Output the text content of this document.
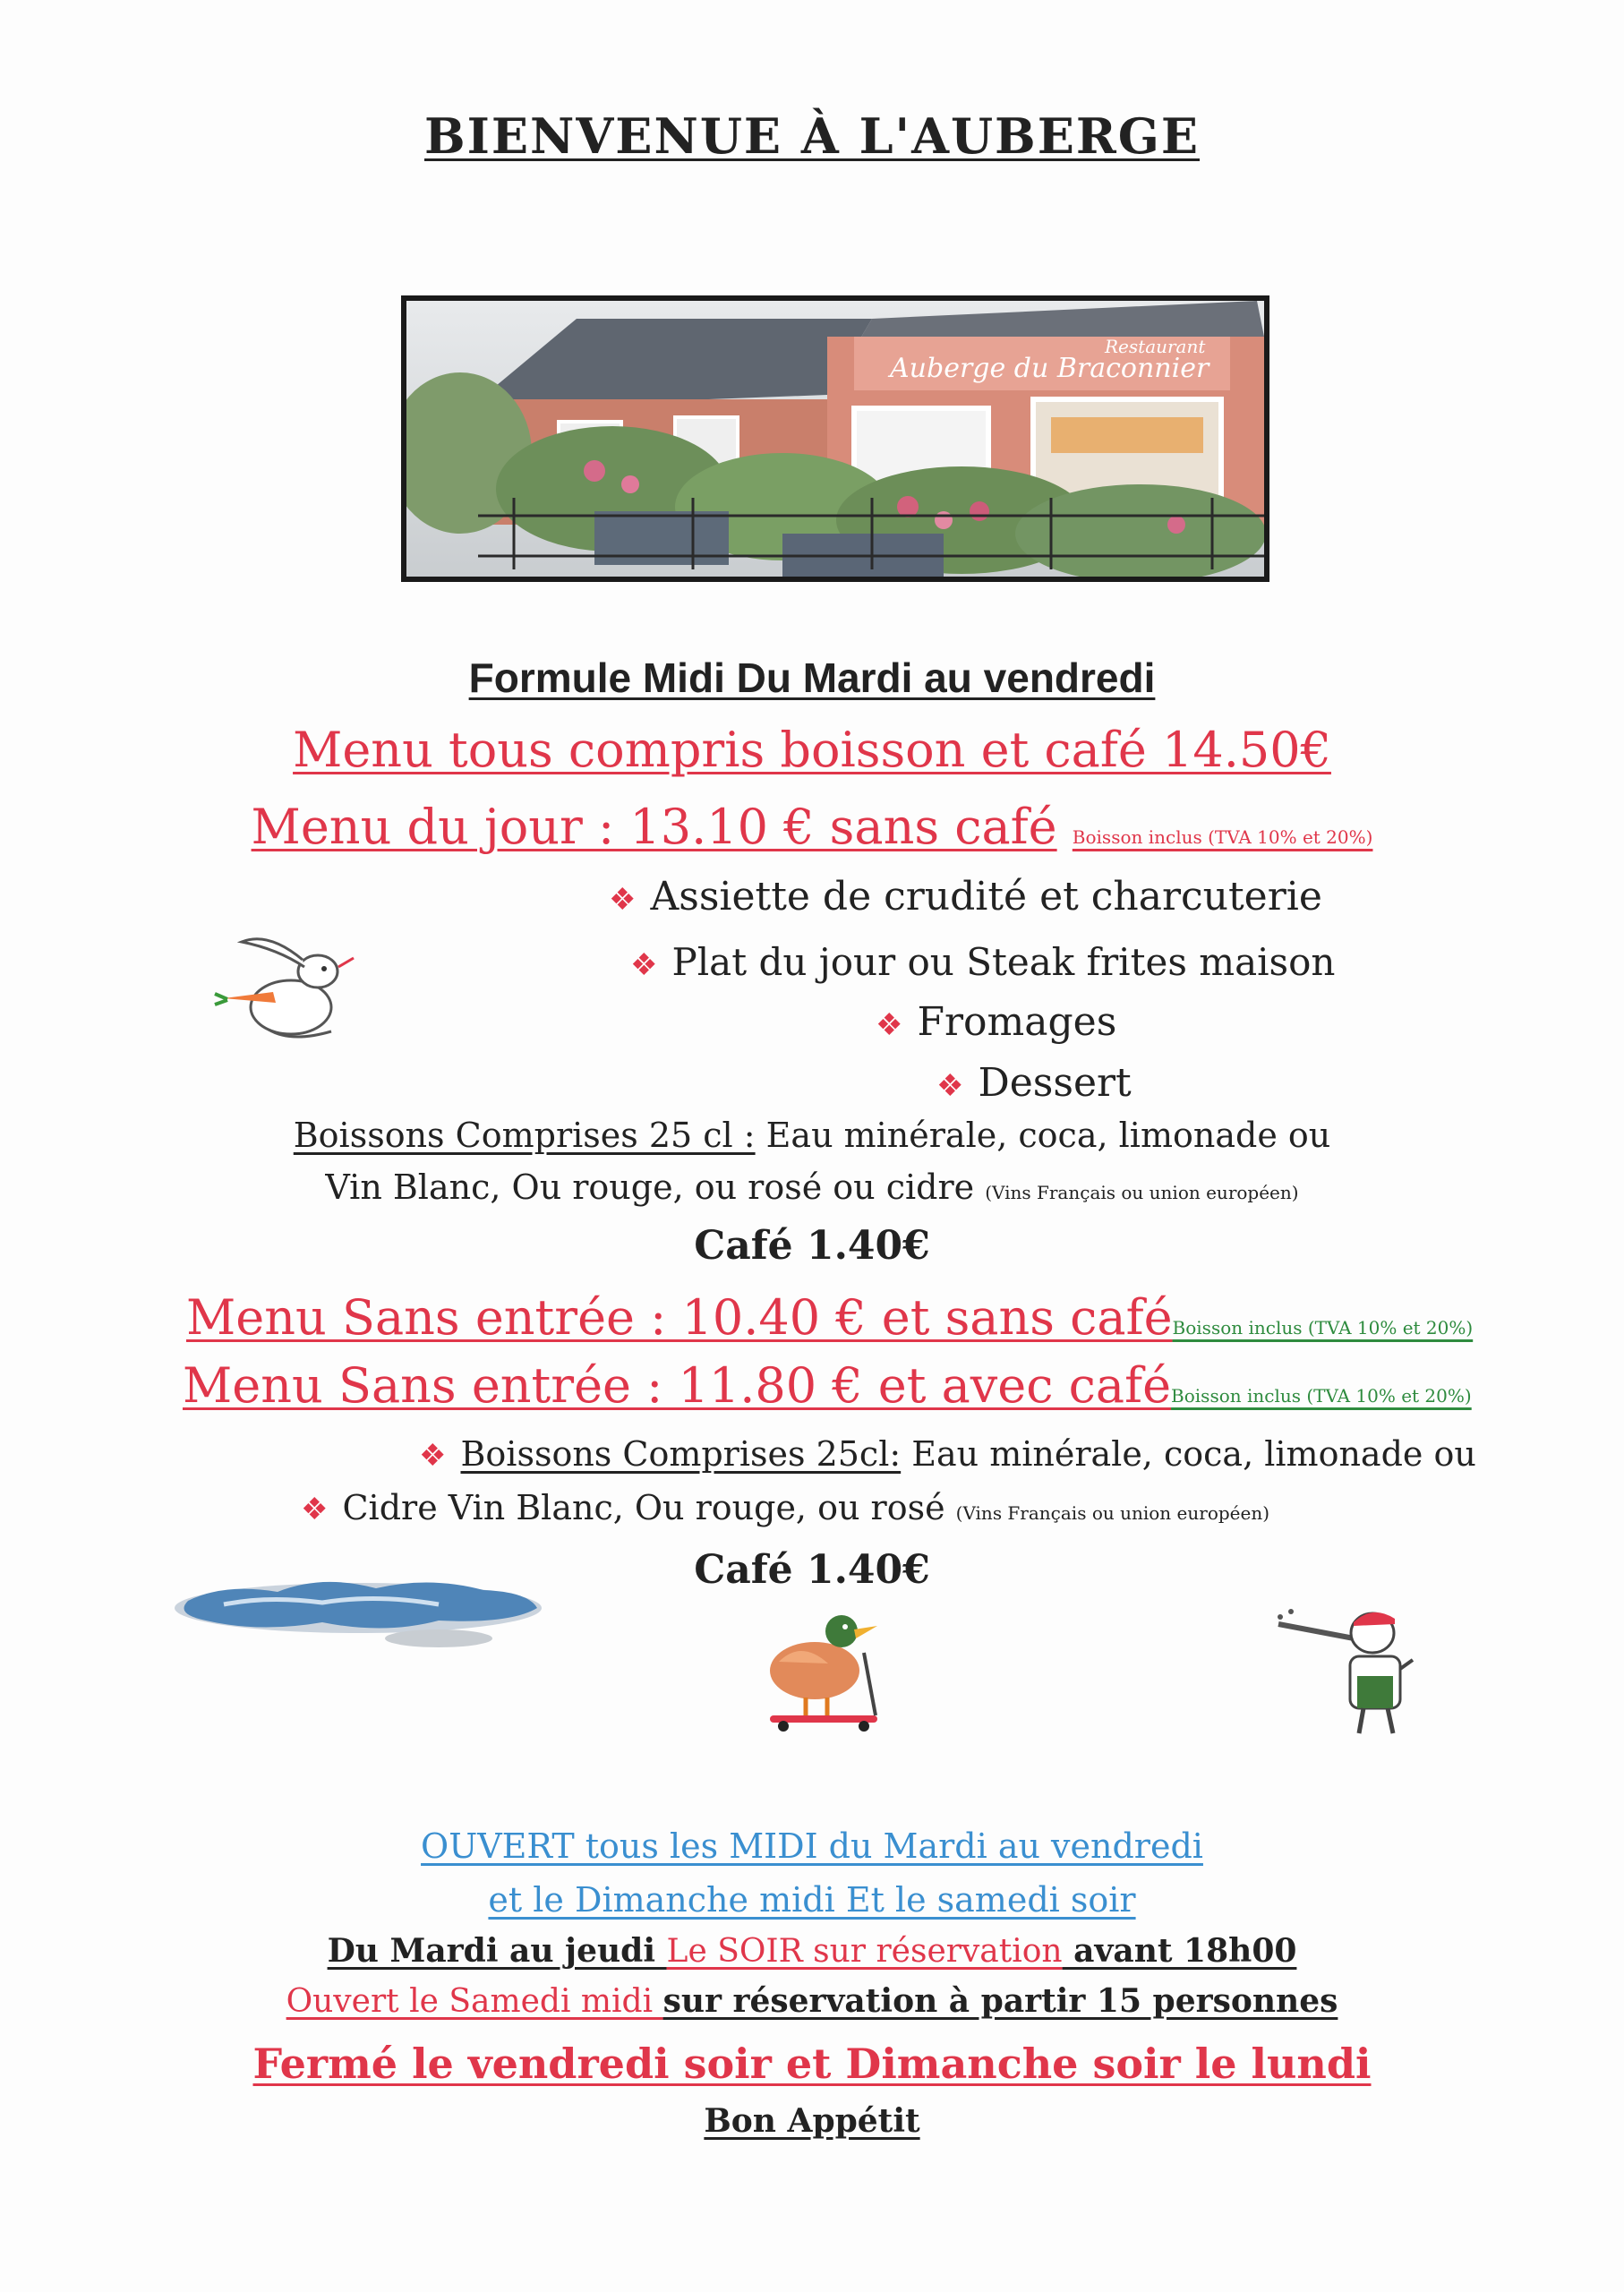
BIENVENUE À L'AUBERGE
Auberge du Braconnier
Restaurant
Formule Midi Du Mardi au vendredi
Menu tous compris boisson et café 14.50€
Menu du jour : 13.10 € sans café Boisson inclus (TVA 10% et 20%)
❖ Assiette de crudité et charcuterie
❖ Plat du jour ou Steak frites maison
❖ Fromages
❖ Dessert
Boissons Comprises 25 cl : Eau minérale, coca, limonade ou
Vin Blanc, Ou rouge, ou rosé ou cidre (Vins Français ou union européen)
Café 1.40€
Menu Sans entrée : 10.40 € et sans caféBoisson inclus (TVA 10% et 20%)
Menu Sans entrée : 11.80 € et avec caféBoisson inclus (TVA 10% et 20%)
❖ Boissons Comprises 25cl: Eau minérale, coca, limonade ou
❖ Cidre Vin Blanc, Ou rouge, ou rosé (Vins Français ou union européen)
Café 1.40€
OUVERT tous les MIDI du Mardi au vendredi
et le Dimanche midi Et le samedi soir
Du Mardi au jeudi Le SOIR sur réservation avant 18h00
Ouvert le Samedi midi sur réservation à partir 15 personnes
Fermé le vendredi soir et Dimanche soir le lundi
Bon Appétit
